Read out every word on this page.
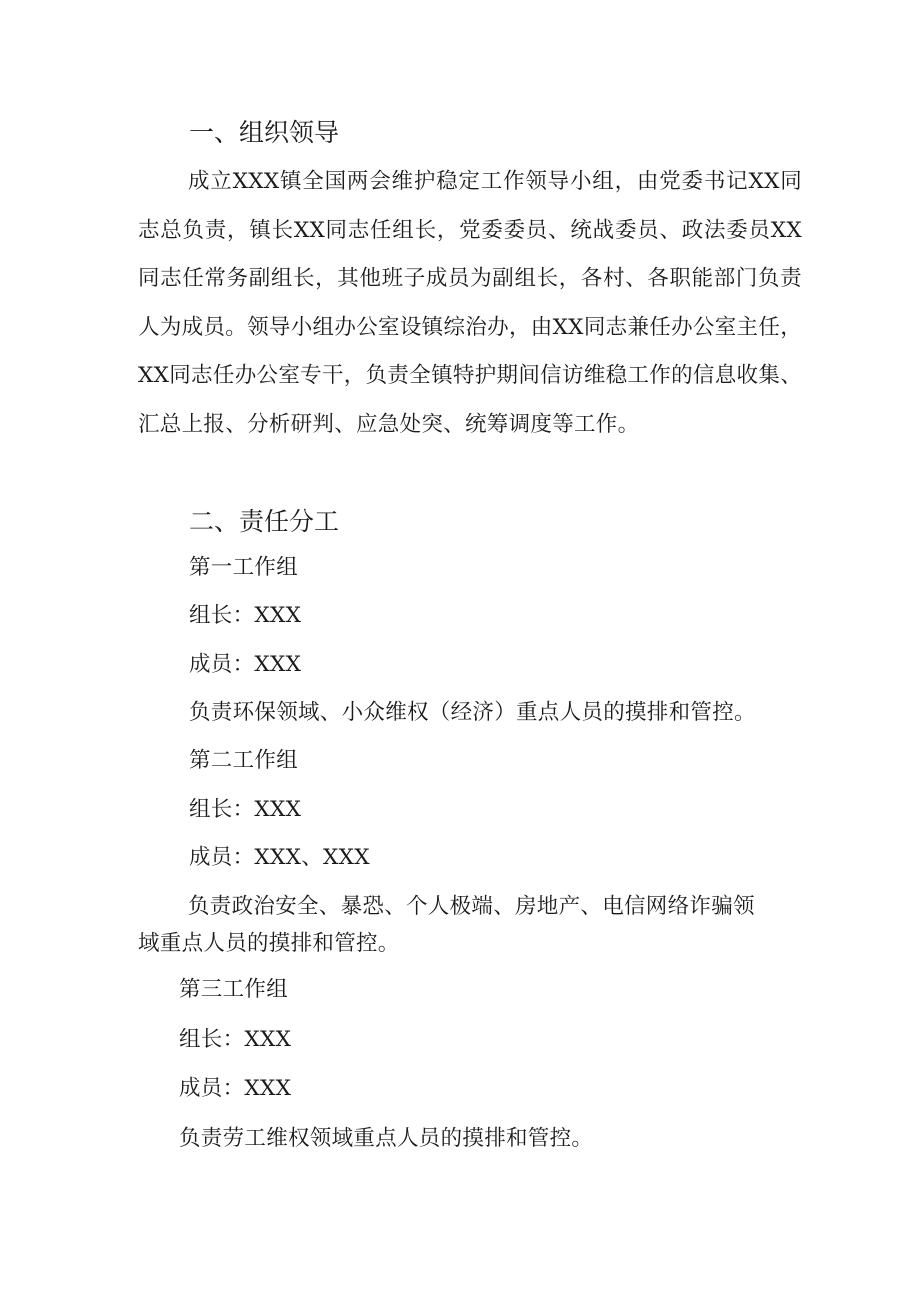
一、组织领导

成立XXX镇全国两会维护稳定工作领导小组，由党委书记XX同志总负责，镇长XX同志任组长，党委委员、统战委员、政法委员XX同志任常务副组长，其他班子成员为副组长，各村、各职能部门负责人为成员。领导小组办公室设镇综治办，由XX同志兼任办公室主任，XX同志任办公室专干，负责全镇特护期间信访维稳工作的信息收集、汇总上报、分析研判、应急处突、统筹调度等工作。

二、责任分工

第一工作组

组长：XXX

成员：XXX

负责环保领域、小众维权（经济）重点人员的摸排和管控。

第二工作组

组长：XXX

成员：XXX、XXX

负责政治安全、暴恐、个人极端、房地产、电信网络诈骗领域重点人员的摸排和管控。

第三工作组

组长：XXX

成员：XXX

负责劳工维权领域重点人员的摸排和管控。
